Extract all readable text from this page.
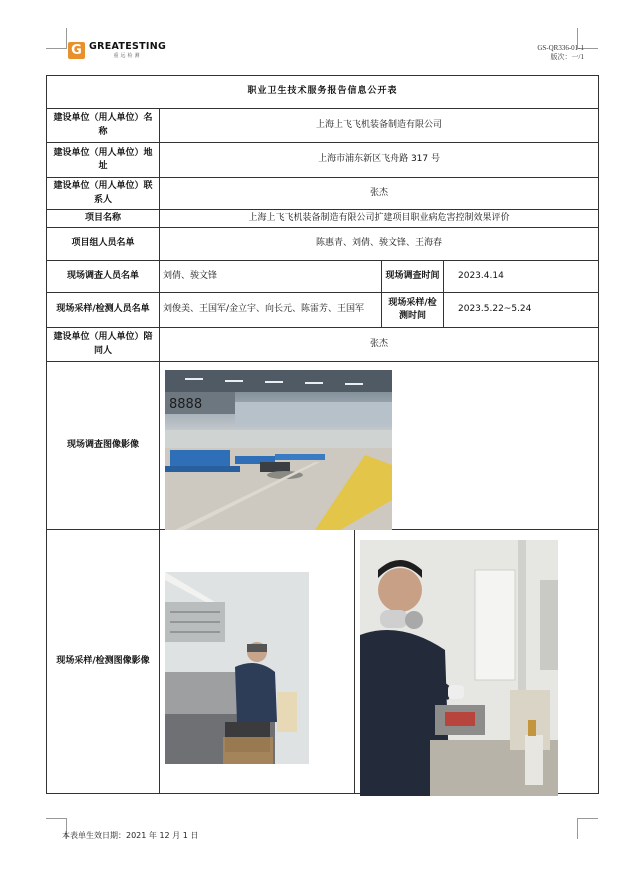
G GREATESTING
重远检测
GS-QR336-01-1
版次：一/1
职业卫生技术服务报告信息公开表				
建设单位（用人单位）名称	上海上飞飞机装备制造有限公司			
建设单位（用人单位）地址	上海市浦东新区飞舟路 317 号			
建设单位（用人单位）联系人	张杰			
项目名称	上海上飞飞机装备制造有限公司扩建项目职业病危害控制效果评价			
项目组人员名单	陈惠青、刘倩、骏文锋、王海春			
现场调查人员名单	刘倩、骏文锋		现场调查时间	2023.4.14
现场采样/检测人员名单	刘俊美、王国军/金立宇、向长元、陈雷芳、王国军		现场采样/检测时间	2023.5.22~5.24
建设单位（用人单位）陪同人	张杰			
现场调查图像影像				
现场采样/检测图像影像				
8888
本表单生效日期：2021 年 12 月 1 日
